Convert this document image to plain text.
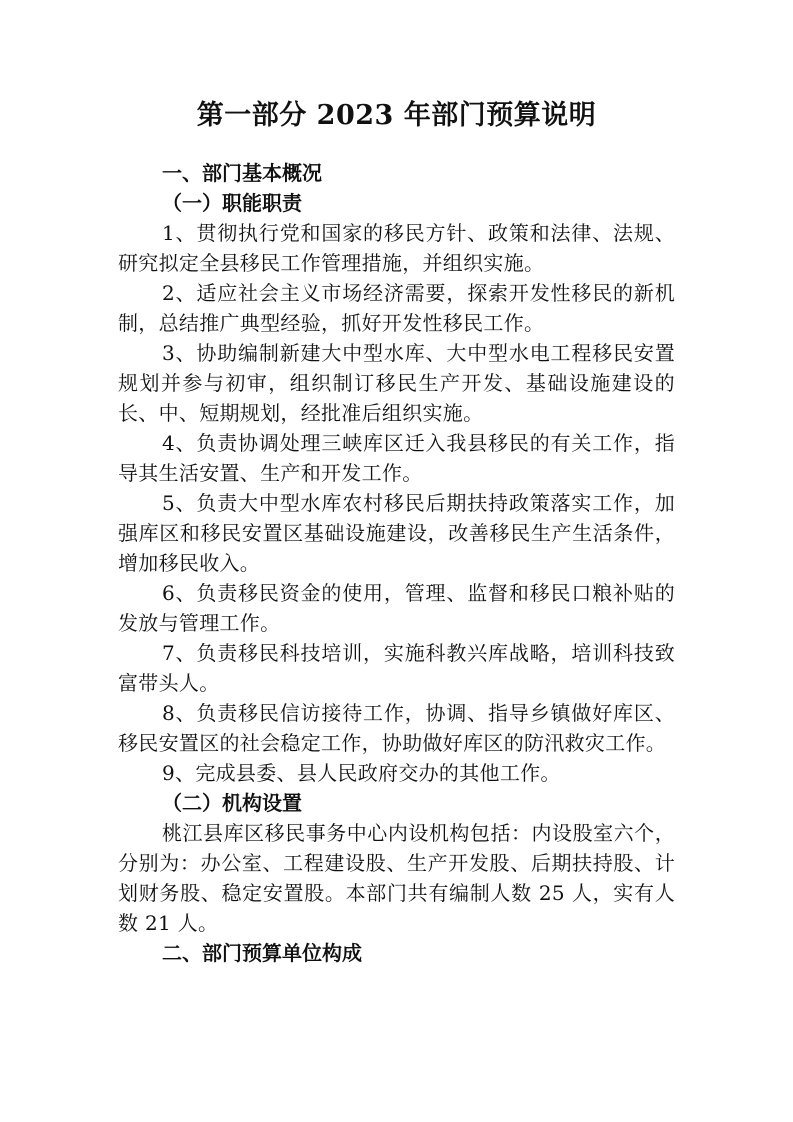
第一部分 2023 年部门预算说明

一、部门基本概况

（一）职能职责

1、贯彻执行党和国家的移民方针、政策和法律、法规、研究拟定全县移民工作管理措施，并组织实施。

2、适应社会主义市场经济需要，探索开发性移民的新机制，总结推广典型经验，抓好开发性移民工作。

3、协助编制新建大中型水库、大中型水电工程移民安置规划并参与初审，组织制订移民生产开发、基础设施建设的长、中、短期规划，经批准后组织实施。

4、负责协调处理三峡库区迁入我县移民的有关工作，指导其生活安置、生产和开发工作。

5、负责大中型水库农村移民后期扶持政策落实工作，加强库区和移民安置区基础设施建设，改善移民生产生活条件，增加移民收入。

6、负责移民资金的使用，管理、监督和移民口粮补贴的发放与管理工作。

7、负责移民科技培训，实施科教兴库战略，培训科技致富带头人。

8、负责移民信访接待工作，协调、指导乡镇做好库区、移民安置区的社会稳定工作，协助做好库区的防汛救灾工作。

9、完成县委、县人民政府交办的其他工作。

（二）机构设置

桃江县库区移民事务中心内设机构包括：内设股室六个，分别为：办公室、工程建设股、生产开发股、后期扶持股、计划财务股、稳定安置股。本部门共有编制人数 25 人，实有人数 21 人。

二、部门预算单位构成
